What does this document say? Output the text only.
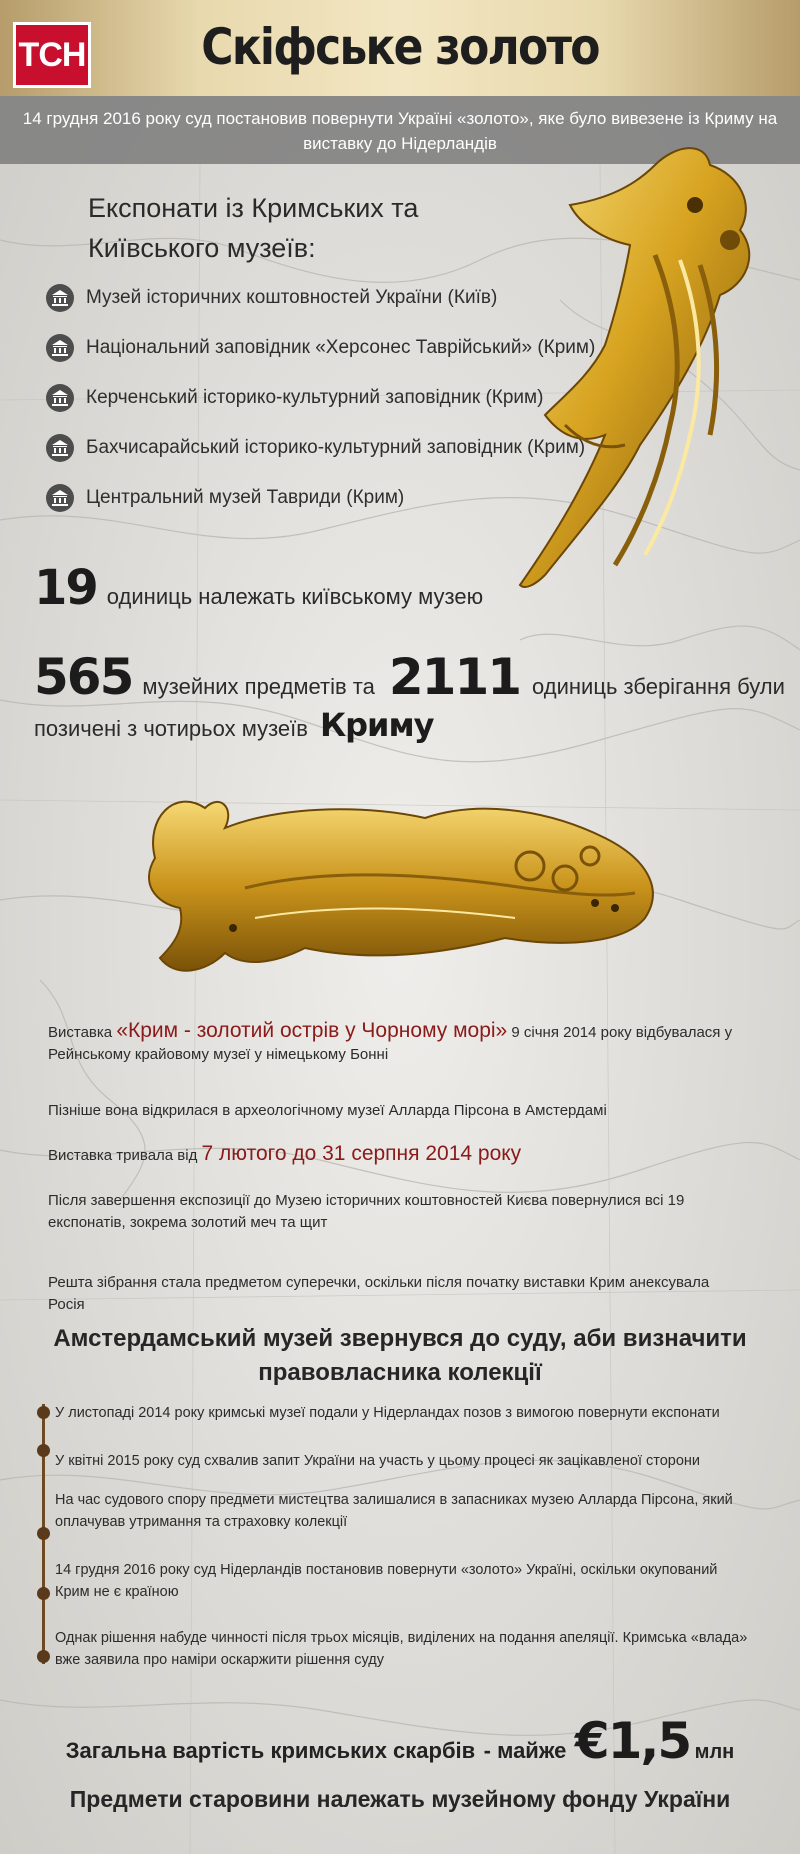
ТСН	Скіфське золото
14 грудня 2016 року суд постановив повернути Україні «золото», яке було вивезене із Криму на виставку до Нідерландів
Експонати із Кримських та Київського музеїв:
Музей історичних коштовностей України (Київ)
Національний заповідник «Херсонес Таврійський» (Крим)
Керченський історико-культурний заповідник (Крим)
Бахчисарайський історико-культурний заповідник (Крим)
Центральний музей Тавриди (Крим)
19 одиниць належать київському музею
565 музейних предметів та 2111 одиниць зберігання були
позичені з чотирьох музеїв Криму
Виставка «Крим - золотий острів у Чорному морі» 9 січня 2014 року відбувалася у Рейнському крайовому музеї у німецькому Бонні
Пізніше вона відкрилася в археологічному музеї Алларда Пірсона в Амстердамі
Виставка тривала від 7 лютого до 31 серпня 2014 року
Після завершення експозиції до Музею історичних коштовностей Києва повернулися всі 19 експонатів, зокрема золотий меч та щит
Решта зібрання стала предметом суперечки, оскільки після початку виставки Крим анексувала Росія
Амстердамський музей звернувся до суду, аби визначити правовласника колекції
У листопаді 2014 року кримські музеї подали у Нідерландах позов з вимогою повернути експонати
У квітні 2015 року суд схвалив запит України на участь у цьому процесі як зацікавленої сторони
На час судового спору предмети мистецтва залишалися в запасниках музею Алларда Пірсона, який оплачував утримання та страховку колекції
14 грудня 2016 року суд Нідерландів постановив повернути «золото» Україні, оскільки окупований Крим не є країною
Однак рішення набуде чинності після трьох місяців, виділених на подання апеляції. Кримська «влада» вже заявила про наміри оскаржити рішення суду
Загальна вартість кримських скарбів - майже €1,5 млн
Предмети старовини належать музейному фонду України
